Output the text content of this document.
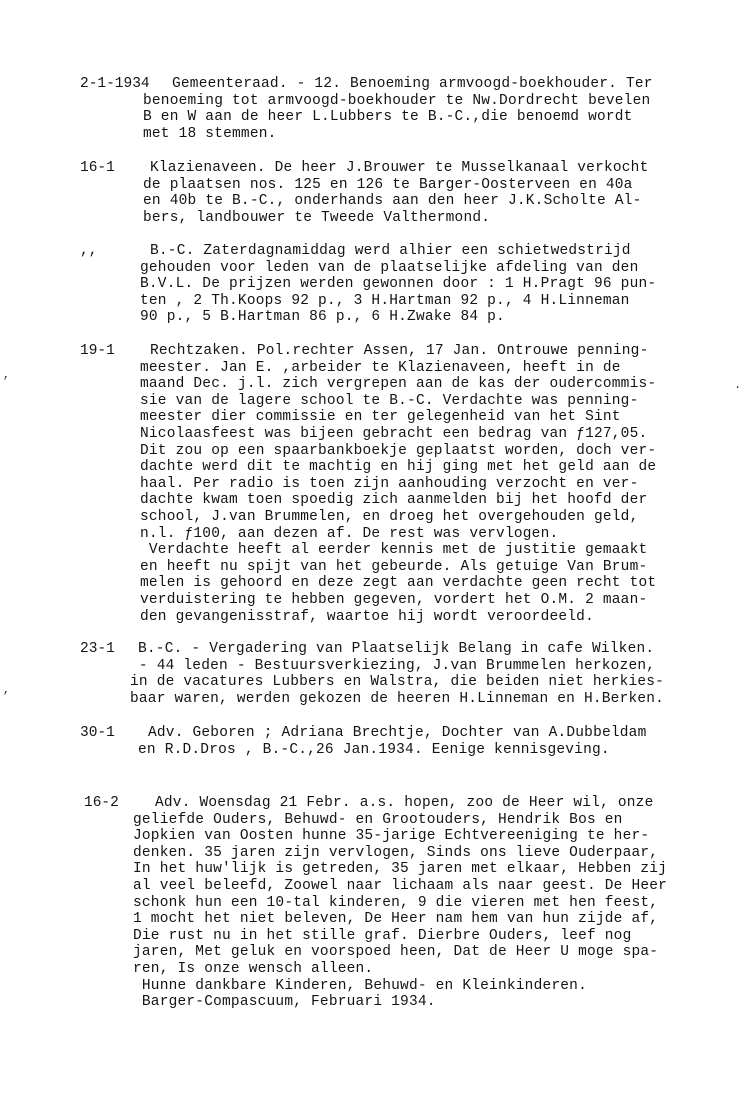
2-1-1934 Gemeenteraad. - 12. Benoeming armvoogd-boekhouder. Ter
benoeming tot armvoogd-boekhouder te Nw.Dordrecht bevelen
B en W aan de heer L.Lubbers te B.-C.,die benoemd wordt
met 18 stemmen.
16-1 Klazienaveen. De heer J.Brouwer te Musselkanaal verkocht
de plaatsen nos. 125 en 126 te Barger-Oosterveen en 40a
en 40b te B.-C., onderhands aan den heer J.K.Scholte Al-
bers, landbouwer te Tweede Valthermond.
,,	B.-C. Zaterdagnamiddag werd alhier een schietwedstrijd
gehouden voor leden van de plaatselijke afdeling van den
B.V.L. De prijzen werden gewonnen door : 1 H.Pragt 96 pun-
ten , 2 Th.Koops 92 p., 3 H.Hartman 92 p., 4 H.Linneman
90 p., 5 B.Hartman 86 p., 6 H.Zwake 84 p.
19-1 Rechtzaken. Pol.rechter Assen, 17 Jan. Ontrouwe penning-
meester. Jan E. ,arbeider te Klazienaveen, heeft in de
maand Dec. j.l. zich vergrepen aan de kas der oudercommis-
sie van de lagere school te B.-C. Verdachte was penning-
meester dier commissie en ter gelegenheid van het Sint
Nicolaasfeest was bijeen gebracht een bedrag van ƒ127,05.
Dit zou op een spaarbankboekje geplaatst worden, doch ver-
dachte werd dit te machtig en hij ging met het geld aan de
haal. Per radio is toen zijn aanhouding verzocht en ver-
dachte kwam toen spoedig zich aanmelden bij het hoofd der
school, J.van Brummelen, en droeg het overgehouden geld,
n.l. ƒ100, aan dezen af. De rest was vervlogen.
Verdachte heeft al eerder kennis met de justitie gemaakt
en heeft nu spijt van het gebeurde. Als getuige Van Brum-
melen is gehoord en deze zegt aan verdachte geen recht tot
verduistering te hebben gegeven, vordert het O.M. 2 maan-
den gevangenisstraf, waartoe hij wordt veroordeeld.
23-1 B.-C. - Vergadering van Plaatselijk Belang in cafe Wilken.
- 44 leden - Bestuursverkiezing, J.van Brummelen herkozen,
in de vacatures Lubbers en Walstra, die beiden niet herkies-
baar waren, werden gekozen de heeren H.Linneman en H.Berken.
30-1 Adv. Geboren ; Adriana Brechtje, Dochter van A.Dubbeldam
en R.D.Dros , B.-C.,26 Jan.1934. Eenige kennisgeving.
16-2 Adv. Woensdag 21 Febr. a.s. hopen, zoo de Heer wil, onze
geliefde Ouders, Behuwd- en Grootouders, Hendrik Bos en
Jopkien van Oosten hunne 35-jarige Echtvereeniging te her-
denken. 35 jaren zijn vervlogen, Sinds ons lieve Ouderpaar,
In het huw'lijk is getreden, 35 jaren met elkaar, Hebben zij
al veel beleefd, Zoowel naar lichaam als naar geest. De Heer
schonk hun een 10-tal kinderen, 9 die vieren met hen feest,
1 mocht het niet beleven, De Heer nam hem van hun zijde af,
Die rust nu in het stille graf. Dierbre Ouders, leef nog
jaren, Met geluk en voorspoed heen, Dat de Heer U moge spa-
ren, Is onze wensch alleen.
Hunne dankbare Kinderen, Behuwd- en Kleinkinderen.
Barger-Compascuum, Februari 1934.
’
’
.
